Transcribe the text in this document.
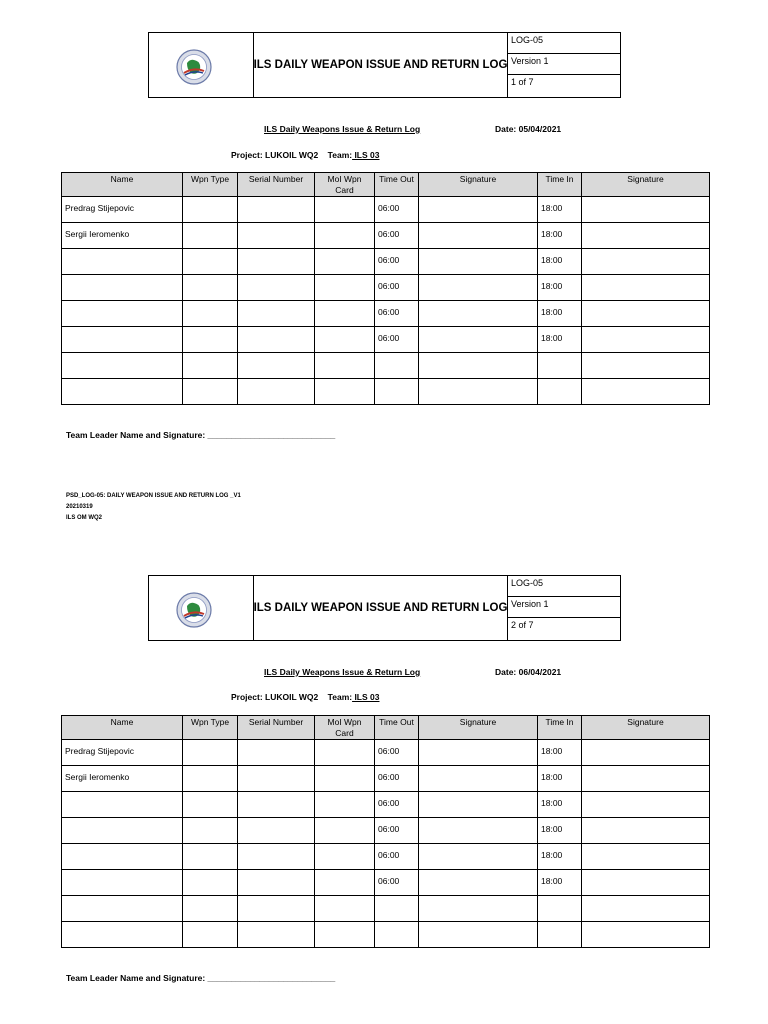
ILS DAILY WEAPON ISSUE AND RETURN LOG
LOG-05
Version 1
1 of 7
ILS Daily Weapons Issue & Return Log	Date: 05/04/2021
Project: LUKOIL WQ2 Team: ILS 03
Name	Wpn Type	Serial Number	MoI Wpn Card	Time Out	Signature	Time In	Signature
Predrag Stijepovic				06:00		18:00	
Sergii Ieromenko				06:00		18:00	
				06:00		18:00	
				06:00		18:00	
				06:00		18:00	
				06:00		18:00	

Team Leader Name and Signature: ___________________________
PSD_LOG-05: DAILY WEAPON ISSUE AND RETURN LOG _V1
20210319
ILS OM WQ2
ILS DAILY WEAPON ISSUE AND RETURN LOG
LOG-05
Version 1
2 of 7
ILS Daily Weapons Issue & Return Log	Date: 06/04/2021
Project: LUKOIL WQ2 Team: ILS 03
Name	Wpn Type	Serial Number	MoI Wpn Card	Time Out	Signature	Time In	Signature
Predrag Stijepovic				06:00		18:00	
Sergii Ieromenko				06:00		18:00	
				06:00		18:00	
				06:00		18:00	
				06:00		18:00	
				06:00		18:00	

Team Leader Name and Signature: ___________________________
